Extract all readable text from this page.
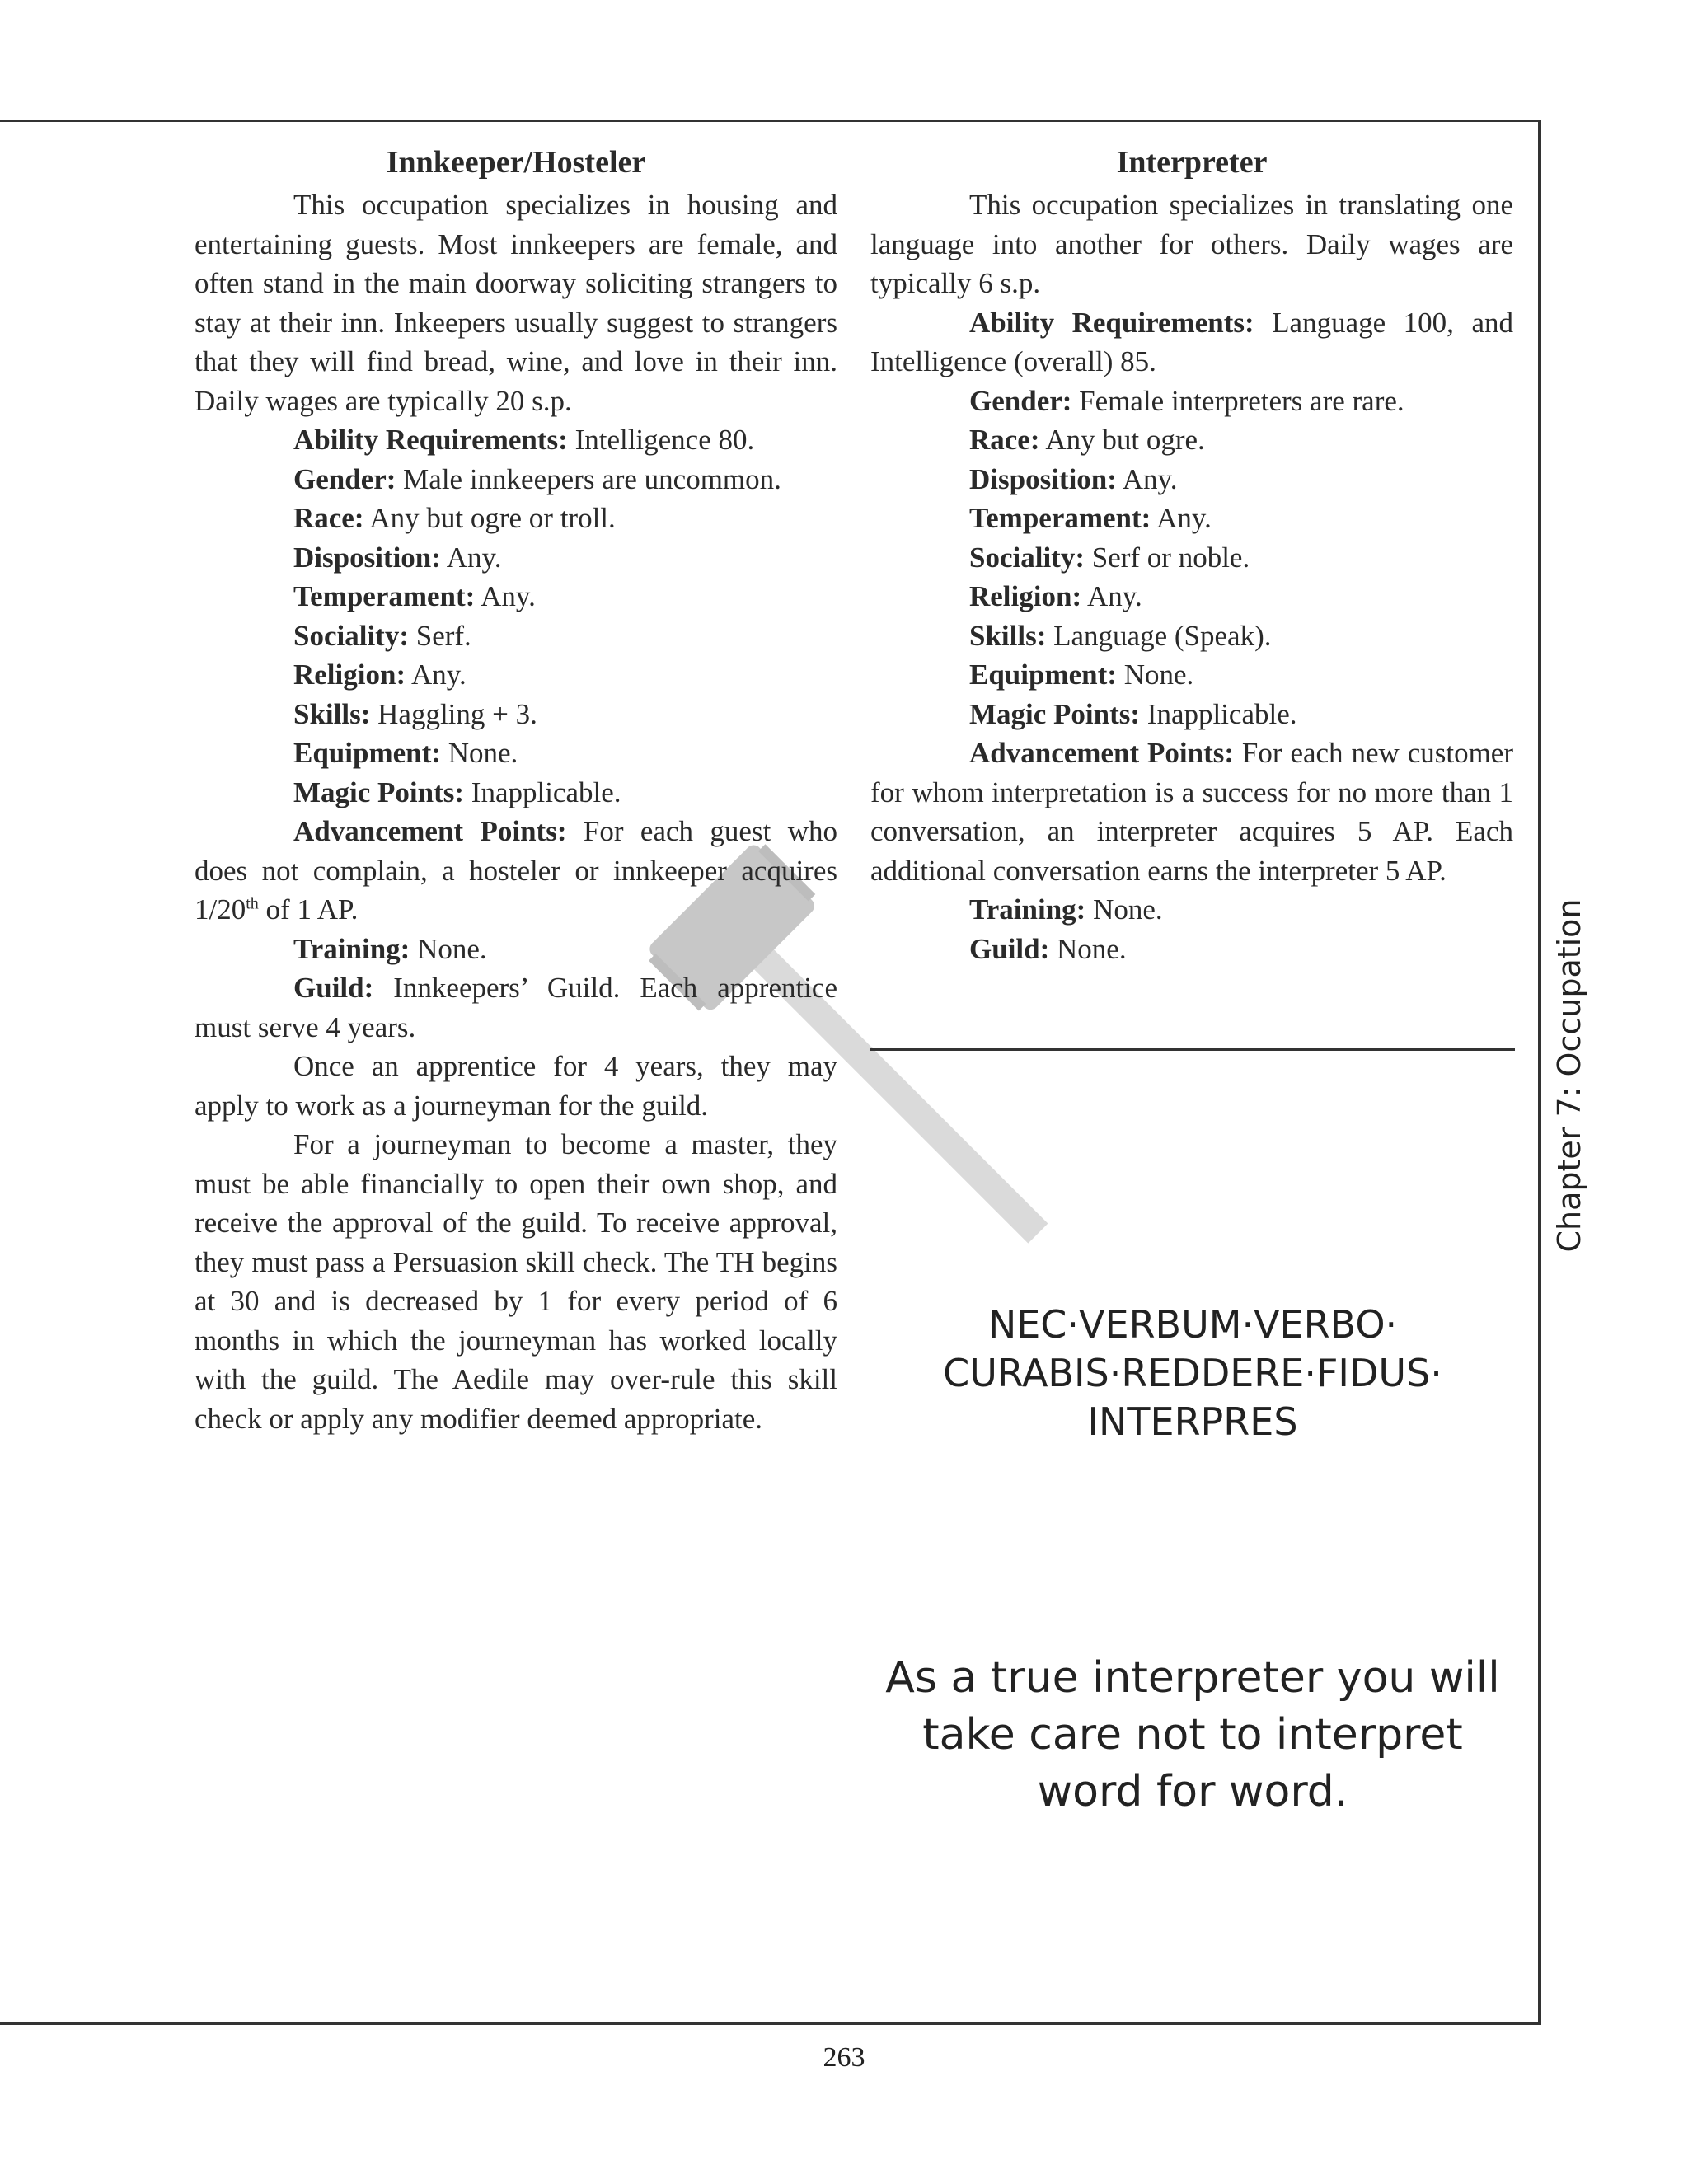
Innkeeper/Hosteler

This occupation specializes in housing and entertaining guests. Most innkeepers are female, and often stand in the main doorway soliciting strangers to stay at their inn. Inkeepers usually suggest to strangers that they will find bread, wine, and love in their inn. Daily wages are typically 20 s.p.

Ability Requirements: Intelligence 80.

Gender: Male innkeepers are uncommon.

Race: Any but ogre or troll.

Disposition: Any.

Temperament: Any.

Sociality: Serf.

Religion: Any.

Skills: Haggling + 3.

Equipment: None.

Magic Points: Inapplicable.

Advancement Points: For each guest who does not complain, a hosteler or innkeeper acquires 1/20th of 1 AP.

Training: None.

Guild: Innkeepers’ Guild. Each apprentice must serve 4 years.

Once an apprentice for 4 years, they may apply to work as a journeyman for the guild.

For a journeyman to become a master, they must be able financially to open their own shop, and receive the approval of the guild. To receive approval, they must pass a Persuasion skill check. The TH begins at 30 and is decreased by 1 for every period of 6 months in which the journeyman has worked locally with the guild. The Aedile may over-rule this skill check or apply any modifier deemed appropriate.

Interpreter

This occupation specializes in translating one language into another for others. Daily wages are typically 6 s.p.

Ability Requirements: Language 100, and Intelligence (overall) 85.

Gender: Female interpreters are rare.

Race: Any but ogre.

Disposition: Any.

Temperament: Any.

Sociality: Serf or noble.

Religion: Any.

Skills: Language (Speak).

Equipment: None.

Magic Points: Inapplicable.

Advancement Points: For each new customer for whom interpretation is a success for no more than 1 conversation, an interpreter acquires 5 AP. Each additional conversation earns the interpreter 5 AP.

Training: None.

Guild: None.

NEC·VERBUM·VERBO·
CURABIS·REDDERE·FIDUS·
INTERPRES
As a true interpreter you will
take care not to interpret
word for word.
Chapter 7: Occupation
263
